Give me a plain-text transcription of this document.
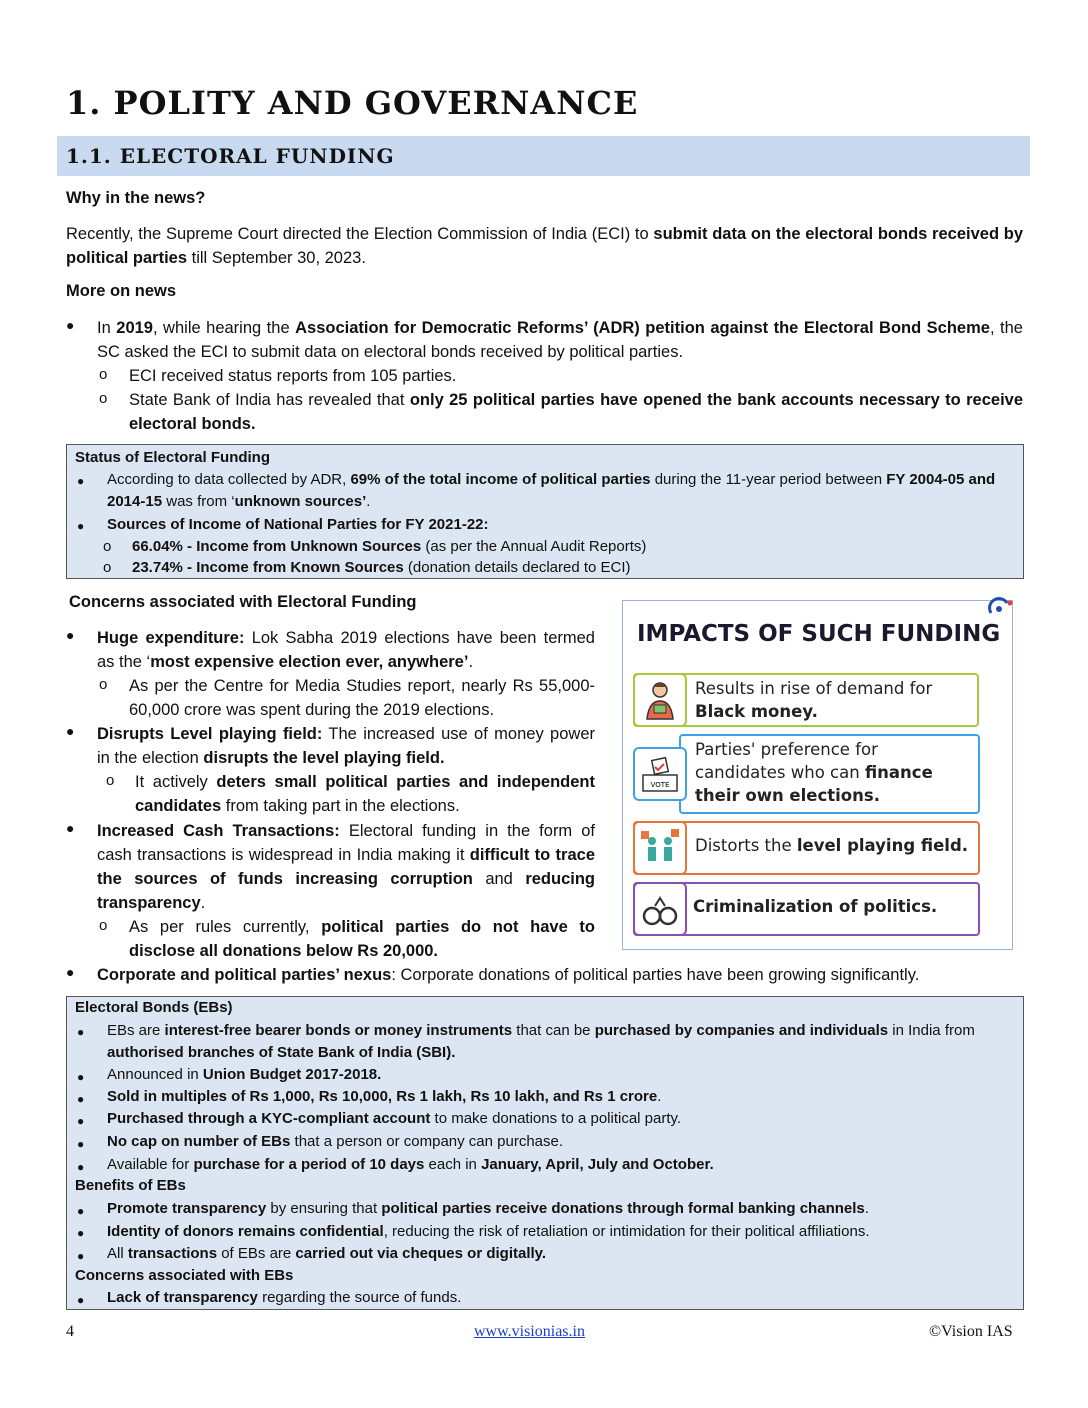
1. POLITY AND GOVERNANCE
1.1. ELECTORAL FUNDING
Why in the news?
Recently, the Supreme Court directed the Election Commission of India (ECI) to submit data on the electoral bonds received by political parties till September 30, 2023.
More on news
● In 2019, while hearing the Association for Democratic Reforms’ (ADR) petition against the Electoral Bond Scheme, the SC asked the ECI to submit data on electoral bonds received by political parties.
o ECI received status reports from 105 parties.
o State Bank of India has revealed that only 25 political parties have opened the bank accounts necessary to receive electoral bonds.
Status of Electoral Funding
● According to data collected by ADR, 69% of the total income of political parties during the 11-year period between FY 2004-05 and 2014-15 was from ‘unknown sources’.
● Sources of Income of National Parties for FY 2021-22:
o 66.04% - Income from Unknown Sources (as per the Annual Audit Reports)
o 23.74% - Income from Known Sources (donation details declared to ECI)
Concerns associated with Electoral Funding
● Huge expenditure: Lok Sabha 2019 elections have been termed as the ‘most expensive election ever, anywhere’.
o As per the Centre for Media Studies report, nearly Rs 55,000-60,000 crore was spent during the 2019 elections.
● Disrupts Level playing field: The increased use of money power in the election disrupts the level playing field.
o It actively deters small political parties and independent candidates from taking part in the elections.
● Increased Cash Transactions: Electoral funding in the form of cash transactions is widespread in India making it difficult to trace the sources of funds increasing corruption and reducing transparency.
o As per rules currently, political parties do not have to disclose all donations below Rs 20,000.
● Corporate and political parties’ nexus: Corporate donations of political parties have been growing significantly.
IMPACTS OF SUCH FUNDING
Results in rise of demand for
Black money.
VOTE
Parties' preference for
candidates who can finance
their own elections.
Distorts the level playing field.
Criminalization of politics.
Electoral Bonds (EBs)
● EBs are interest-free bearer bonds or money instruments that can be purchased by companies and individuals in India from authorised branches of State Bank of India (SBI).
● Announced in Union Budget 2017-2018.
● Sold in multiples of Rs 1,000, Rs 10,000, Rs 1 lakh, Rs 10 lakh, and Rs 1 crore.
● Purchased through a KYC-compliant account to make donations to a political party.
● No cap on number of EBs that a person or company can purchase.
● Available for purchase for a period of 10 days each in January, April, July and October.
Benefits of EBs
● Promote transparency by ensuring that political parties receive donations through formal banking channels.
● Identity of donors remains confidential, reducing the risk of retaliation or intimidation for their political affiliations.
● All transactions of EBs are carried out via cheques or digitally.
Concerns associated with EBs
● Lack of transparency regarding the source of funds.
4	www.visionias.in	©Vision IAS
